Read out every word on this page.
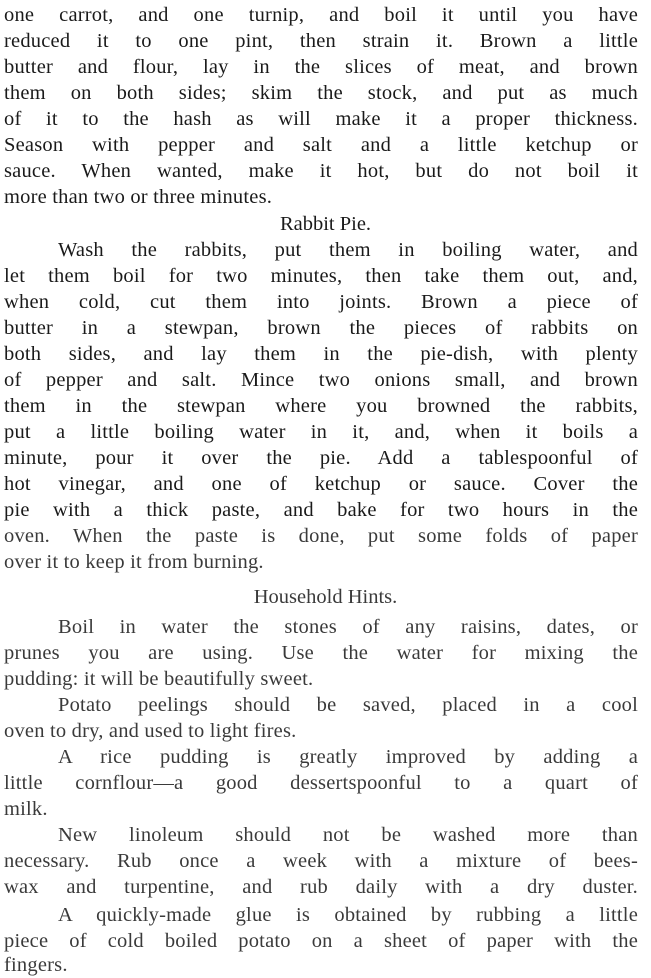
one carrot, and one turnip, and boil it until you have
reduced it to one pint, then strain it. Brown a little
butter and flour, lay in the slices of meat, and brown
them on both sides; skim the stock, and put as much
of it to the hash as will make it a proper thickness.
Season with pepper and salt and a little ketchup or
sauce. When wanted, make it hot, but do not boil it
more than two or three minutes.
Rabbit Pie.
Wash the rabbits, put them in boiling water, and
let them boil for two minutes, then take them out, and,
when cold, cut them into joints. Brown a piece of
butter in a stewpan, brown the pieces of rabbits on
both sides, and lay them in the pie-dish, with plenty
of pepper and salt. Mince two onions small, and brown
them in the stewpan where you browned the rabbits,
put a little boiling water in it, and, when it boils a
minute, pour it over the pie. Add a tablespoonful of
hot vinegar, and one of ketchup or sauce. Cover the
pie with a thick paste, and bake for two hours in the
oven. When the paste is done, put some folds of paper
over it to keep it from burning.
Household Hints.
Boil in water the stones of any raisins, dates, or
prunes you are using. Use the water for mixing the
pudding: it will be beautifully sweet.
Potato peelings should be saved, placed in a cool
oven to dry, and used to light fires.
A rice pudding is greatly improved by adding a
little cornflour—a good dessertspoonful to a quart of
milk.
New linoleum should not be washed more than
necessary. Rub once a week with a mixture of bees-
wax and turpentine, and rub daily with a dry duster.
A quickly-made glue is obtained by rubbing a little
piece of cold boiled potato on a sheet of paper with the
fingers.
